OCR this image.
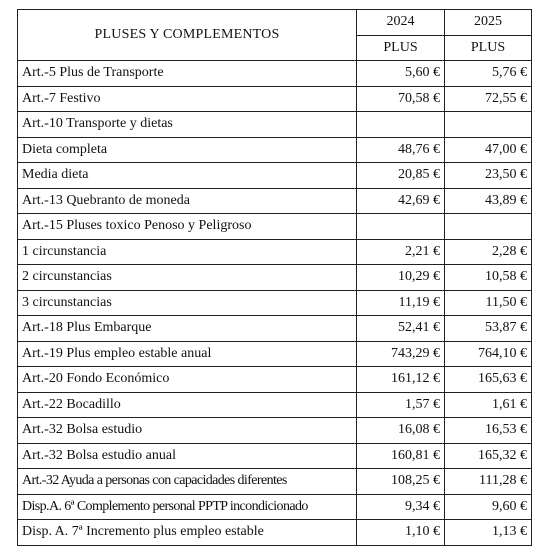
PLUSES Y COMPLEMENTOS	2024	2025
	PLUS	PLUS
Art.-5 Plus de Transporte	5,60 €	5,76 €
Art.-7 Festivo	70,58 €	72,55 €
Art.-10 Transporte y dietas		
Dieta completa	48,76 €	47,00 €
Media dieta	20,85 €	23,50 €
Art.-13 Quebranto de moneda	42,69 €	43,89 €
Art.-15 Pluses toxico Penoso y Peligroso		
1 circunstancia	2,21 €	2,28 €
2 circunstancias	10,29 €	10,58 €
3 circunstancias	11,19 €	11,50 €
Art.-18 Plus Embarque	52,41 €	53,87 €
Art.-19 Plus empleo estable anual	743,29 €	764,10 €
Art.-20 Fondo Económico	161,12 €	165,63 €
Art.-22 Bocadillo	1,57 €	1,61 €
Art.-32 Bolsa estudio	16,08 €	16,53 €
Art.-32 Bolsa estudio anual	160,81 €	165,32 €
Art.-32 Ayuda a personas con capacidades diferentes	108,25 €	111,28 €
Disp.A. 6ª Complemento personal PPTP incondicionado	9,34 €	9,60 €
Disp. A. 7ª Incremento plus empleo estable	1,10 €	1,13 €
